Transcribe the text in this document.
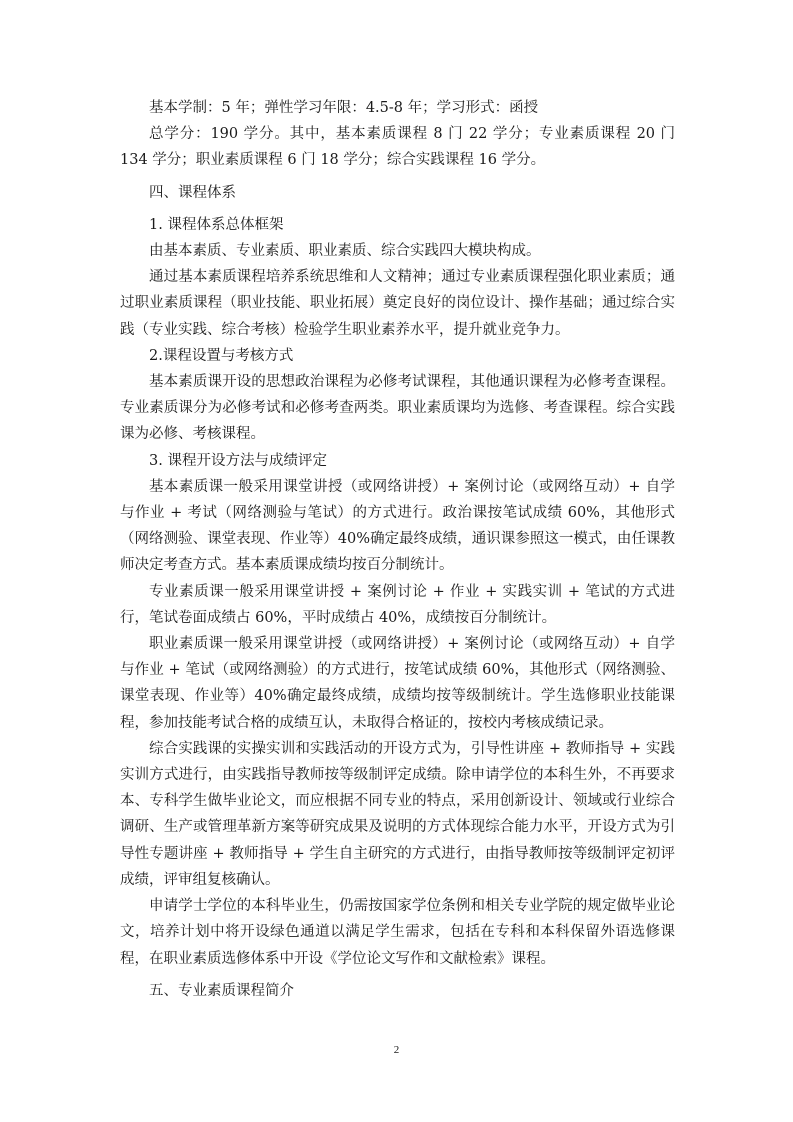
基本学制：5 年；弹性学习年限：4.5-8 年；学习形式：函授

总学分：190 学分。其中，基本素质课程 8 门 22 学分；专业素质课程 20 门 134 学分；职业素质课程 6 门 18 学分；综合实践课程 16 学分。

四、课程体系

1. 课程体系总体框架

由基本素质、专业素质、职业素质、综合实践四大模块构成。

通过基本素质课程培养系统思维和人文精神；通过专业素质课程强化职业素质；通过职业素质课程（职业技能、职业拓展）奠定良好的岗位设计、操作基础；通过综合实践（专业实践、综合考核）检验学生职业素养水平，提升就业竞争力。

2.课程设置与考核方式

基本素质课开设的思想政治课程为必修考试课程，其他通识课程为必修考查课程。专业素质课分为必修考试和必修考查两类。职业素质课均为选修、考查课程。综合实践课为必修、考核课程。

3. 课程开设方法与成绩评定

基本素质课一般采用课堂讲授（或网络讲授）+ 案例讨论（或网络互动）+ 自学与作业 + 考试（网络测验与笔试）的方式进行。政治课按笔试成绩 60%，其他形式（网络测验、课堂表现、作业等）40%确定最终成绩，通识课参照这一模式，由任课教师决定考查方式。基本素质课成绩均按百分制统计。

专业素质课一般采用课堂讲授 + 案例讨论 + 作业 + 实践实训 + 笔试的方式进行，笔试卷面成绩占 60%，平时成绩占 40%，成绩按百分制统计。

职业素质课一般采用课堂讲授（或网络讲授）+ 案例讨论（或网络互动）+ 自学与作业 + 笔试（或网络测验）的方式进行，按笔试成绩 60%，其他形式（网络测验、课堂表现、作业等）40%确定最终成绩，成绩均按等级制统计。学生选修职业技能课程，参加技能考试合格的成绩互认，未取得合格证的，按校内考核成绩记录。

综合实践课的实操实训和实践活动的开设方式为，引导性讲座 + 教师指导 + 实践实训方式进行，由实践指导教师按等级制评定成绩。除申请学位的本科生外，不再要求本、专科学生做毕业论文，而应根据不同专业的特点，采用创新设计、领域或行业综合调研、生产或管理革新方案等研究成果及说明的方式体现综合能力水平，开设方式为引导性专题讲座 + 教师指导 + 学生自主研究的方式进行，由指导教师按等级制评定初评成绩，评审组复核确认。

申请学士学位的本科毕业生，仍需按国家学位条例和相关专业学院的规定做毕业论文，培养计划中将开设绿色通道以满足学生需求，包括在专科和本科保留外语选修课程，在职业素质选修体系中开设《学位论文写作和文献检索》课程。

五、专业素质课程简介

2
